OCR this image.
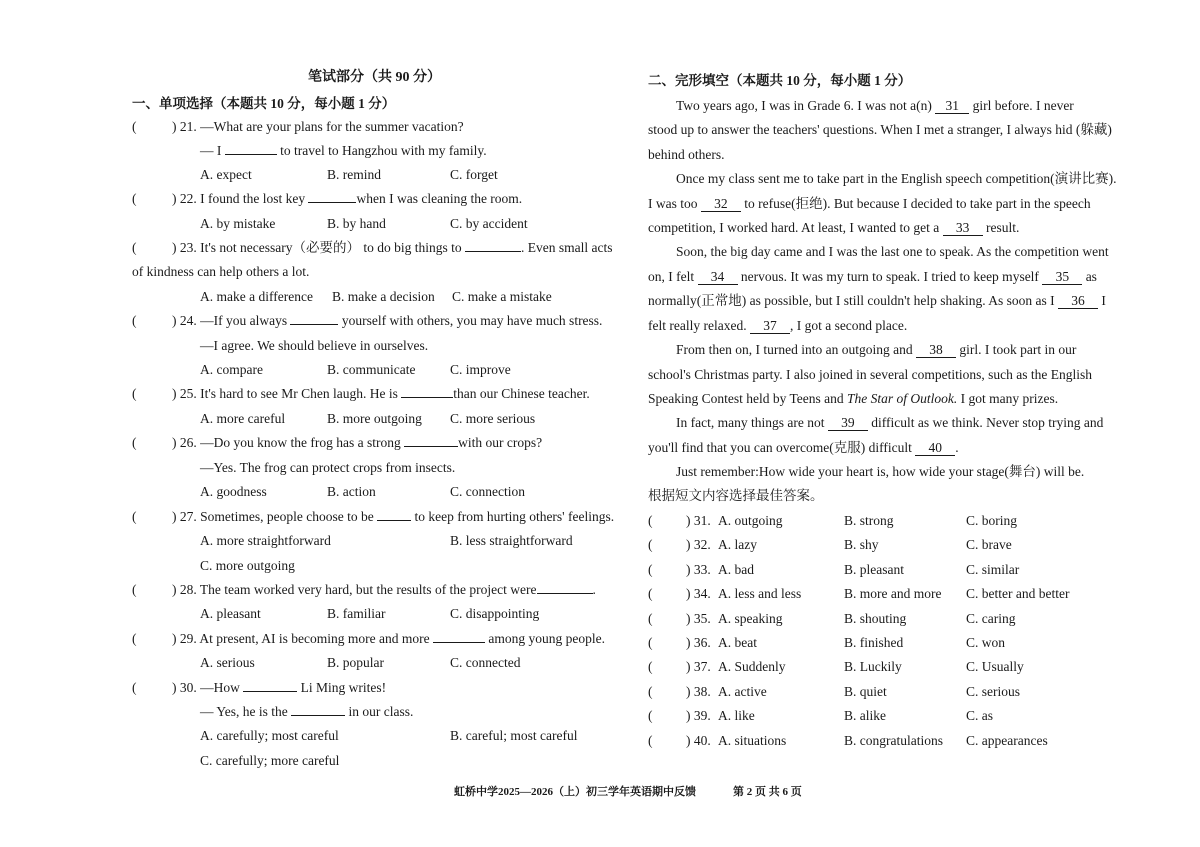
笔试部分（共 90 分）
一、单项选择（本题共 10 分，每小题 1 分）
(	) 21. —What are your plans for the summer vacation?
— I	to travel to Hangzhou with my family.
A. expect	B. remind	C. forget
(	) 22. I found the lost key	when I was cleaning the room.
A. by mistake	B. by hand	C. by accident
(	) 23. It's not necessary（必要的） to do big things to	. Even small acts
of kindness can help others a lot.
A. make a difference B. make a decision C. make a mistake
(	) 24. —If you always	yourself with others, you may have much stress.
—I agree. We should believe in ourselves.
A. compare	B. communicate	C. improve
(	) 25. It's hard to see Mr Chen laugh. He is	than our Chinese teacher.
A. more careful	B. more outgoing C. more serious
(	) 26. —Do you know the frog has a strong	with our crops?
—Yes. The frog can protect crops from insects.
A. goodness	B. action	C. connection
(	) 27. Sometimes, people choose to be	to keep from hurting others' feelings.
A. more straightforward	B. less straightforward
C. more outgoing
(	) 28. The team worked very hard, but the results of the project were	.
A. pleasant	B. familiar	C. disappointing
(	) 29. At present, AI is becoming more and more	among young people.
A. serious	B. popular	C. connected
(	) 30. —How	Li Ming writes!
— Yes, he is the	in our class.
A. carefully; most careful	B. careful; most careful
C. carefully; more careful
二、完形填空（本题共 10 分，每小题 1 分）
Two years ago, I was in Grade 6. I was not a(n) 31 girl before. I never
stood up to answer the teachers' questions. When I met a stranger, I always hid (躲藏)
behind others.
Once my class sent me to take part in the English speech competition(演讲比赛).
I was too 32 to refuse(拒绝). But because I decided to take part in the speech
competition, I worked hard. At least, I wanted to get a 33 result.
Soon, the big day came and I was the last one to speak. As the competition went
on, I felt 34 nervous. It was my turn to speak. I tried to keep myself 35 as
normally(正常地) as possible, but I still couldn't help shaking. As soon as I 36 I
felt really relaxed. 37 , I got a second place.
From then on, I turned into an outgoing and 38 girl. I took part in our
school's Christmas party. I also joined in several competitions, such as the English
Speaking Contest held by Teens and The Star of Outlook. I got many prizes.
In fact, many things are not 39 difficult as we think. Never stop trying and
you'll find that you can overcome(克服) difficult 40 .
Just remember:How wide your heart is, how wide your stage(舞台) will be.
根据短文内容选择最佳答案。
( ) 31. A. outgoing	B. strong	C. boring
( ) 32. A. lazy	B. shy	C. brave
( ) 33. A. bad	B. pleasant	C. similar
( ) 34. A. less and less	B. more and more C. better and better
( ) 35. A. speaking	B. shouting	C. caring
( ) 36. A. beat	B. finished	C. won
( ) 37. A. Suddenly	B. Luckily	C. Usually
( ) 38. A. active	B. quiet	C. serious
( ) 39. A. like	B. alike	C. as
( ) 40. A. situations	B. congratulations C. appearances
虹桥中学2025—2026（上）初三学年英语期中反馈	第 2 页 共 6 页
